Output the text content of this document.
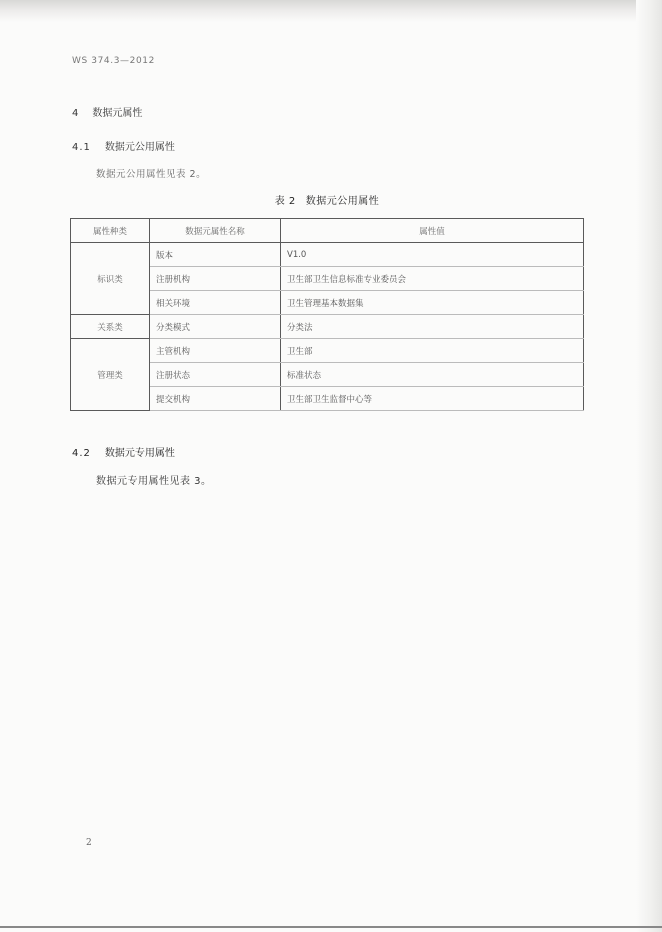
WS 374.3—2012
4 数据元属性
4.1 数据元公用属性
数据元公用属性见表 2。
表 2 数据元公用属性
属性种类	数据元属性名称	属性值
标识类	版本	V1.0
	注册机构	卫生部卫生信息标准专业委员会
	相关环境	卫生管理基本数据集
关系类	分类模式	分类法
管理类	主管机构	卫生部
	注册状态	标准状态
	提交机构	卫生部卫生监督中心等
4.2 数据元专用属性
数据元专用属性见表 3。
2
